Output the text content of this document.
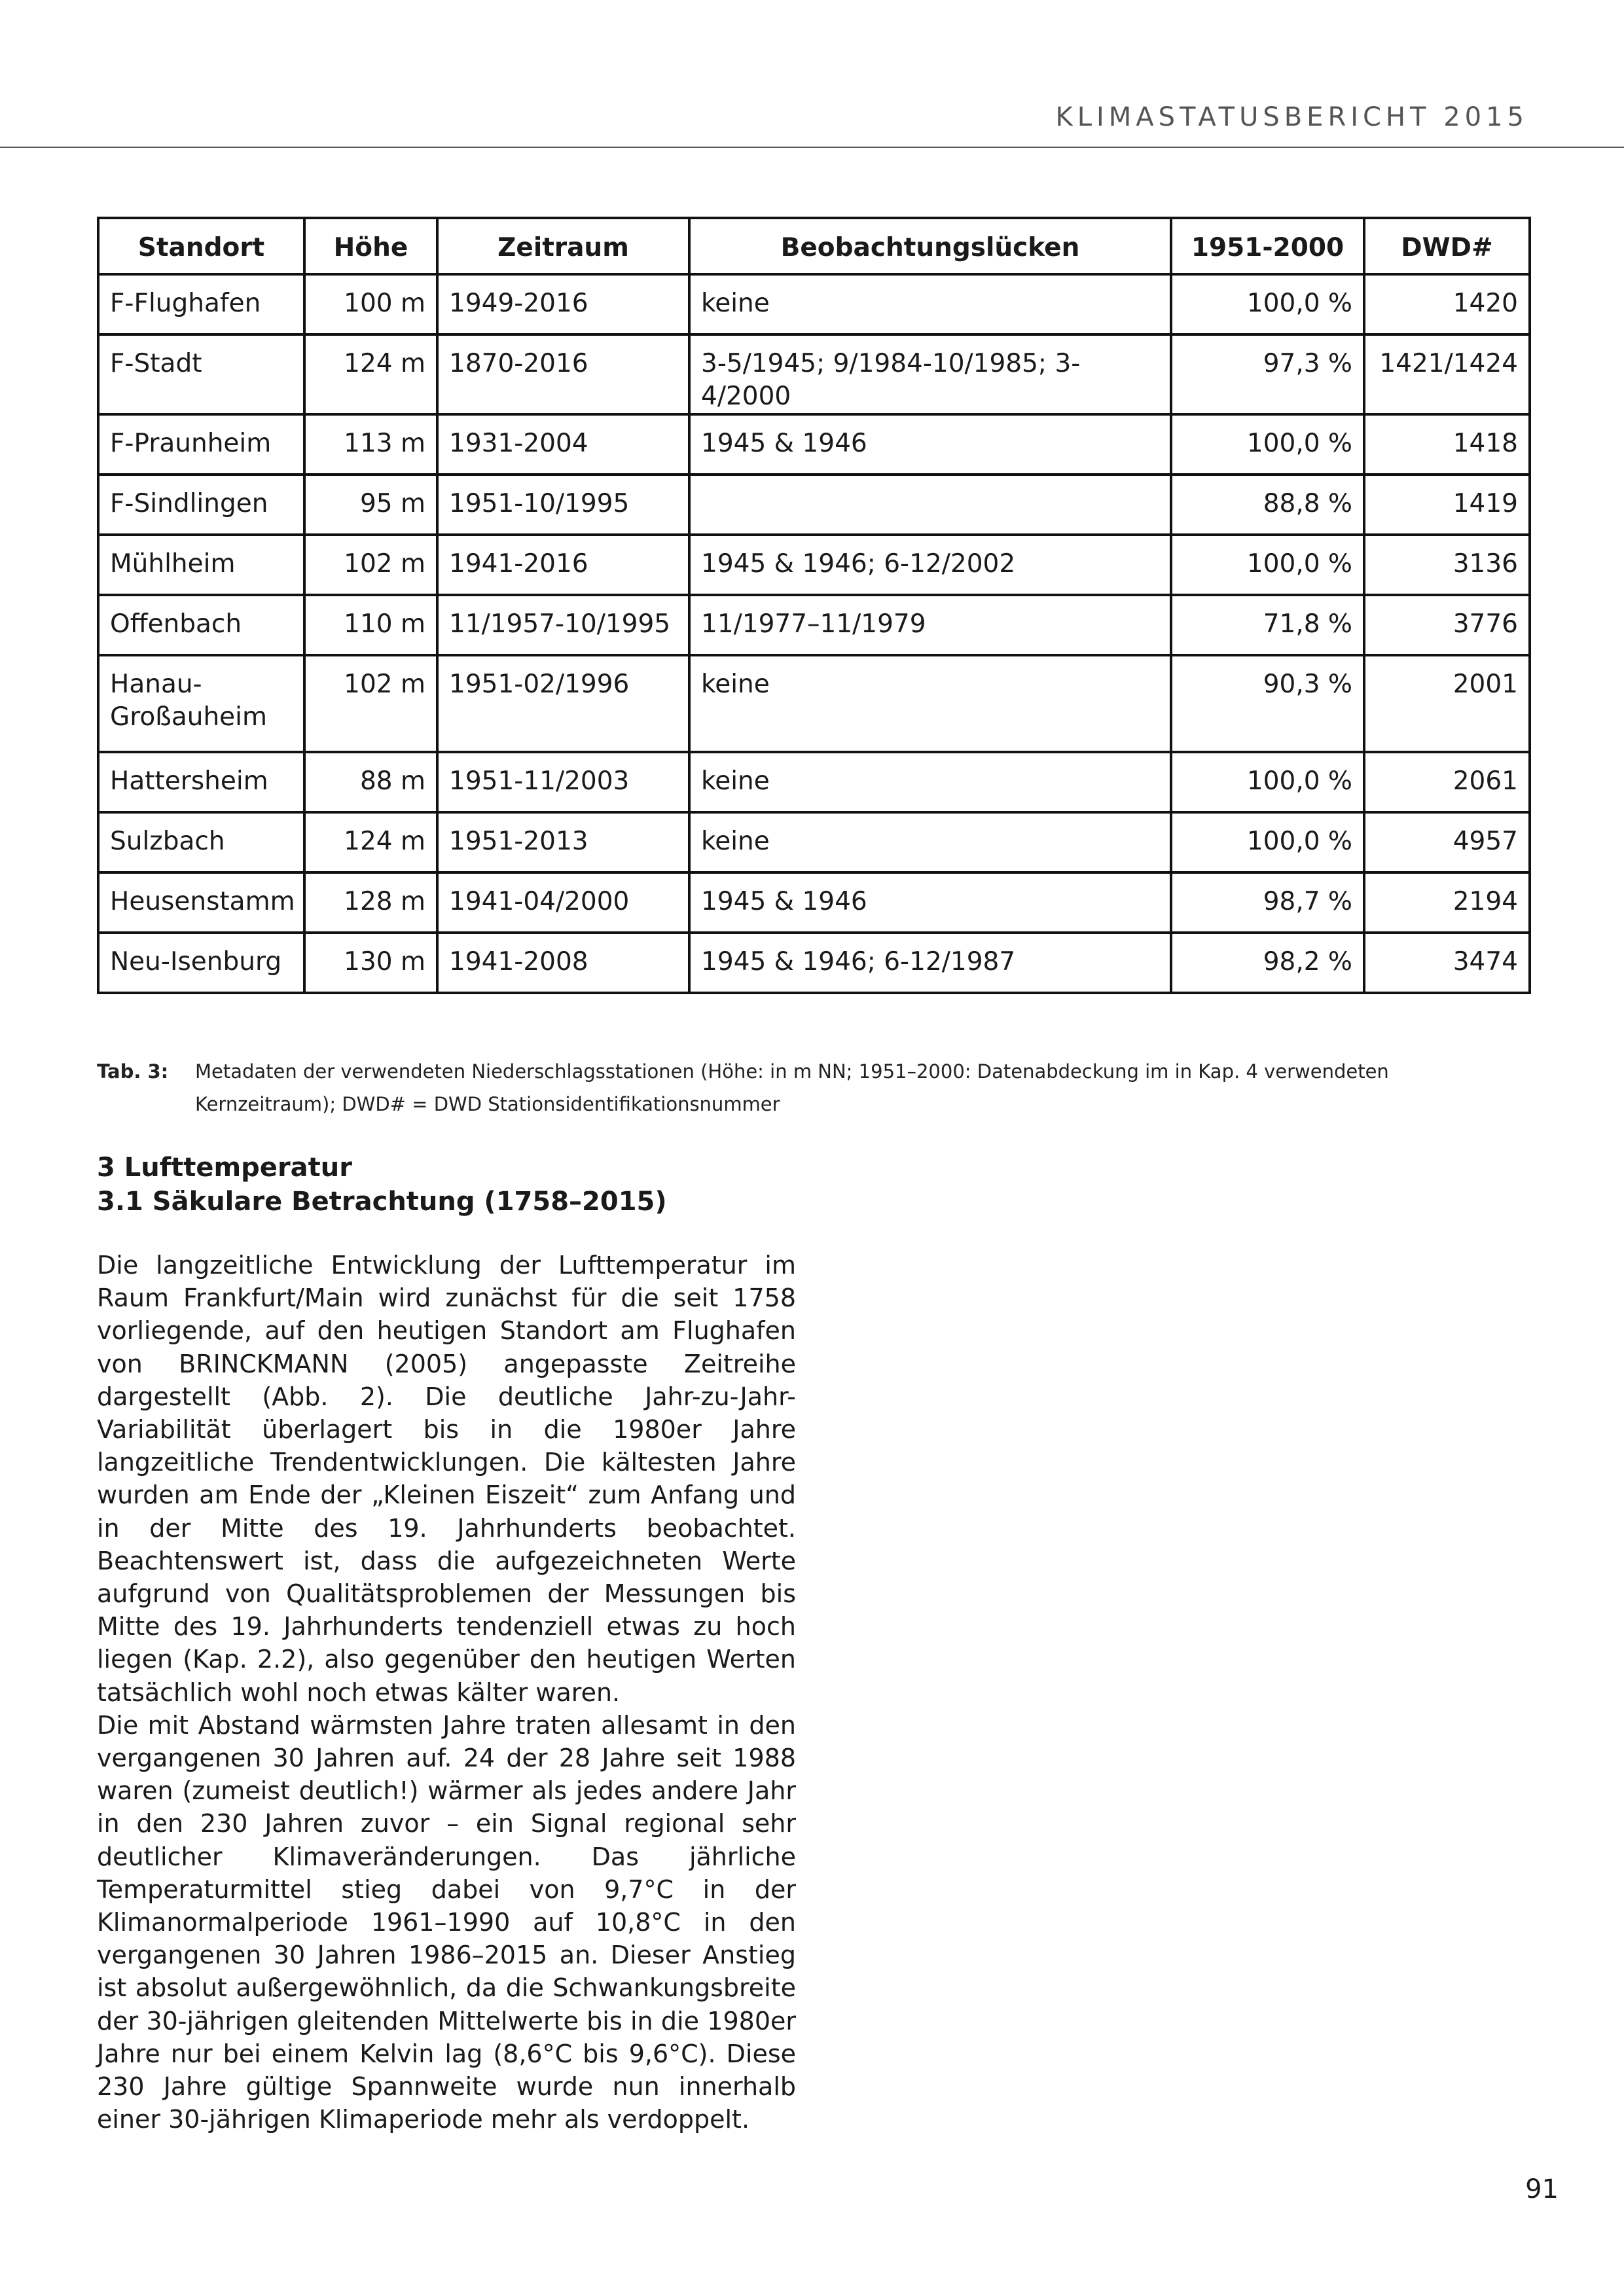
KLIMASTATUSBERICHT 2015
Standort	Höhe	Zeitraum	Beobachtungslücken	1951-2000	DWD#
F-Flughafen	100 m	1949-2016	keine	100,0 %	1420
F-Stadt	124 m	1870-2016	3-5/1945; 9/1984-10/1985; 3-4/2000	97,3 %	1421/1424
F-Praunheim	113 m	1931-2004	1945 & 1946	100,0 %	1418
F-Sindlingen	95 m	1951-10/1995		88,8 %	1419
Mühlheim	102 m	1941-2016	1945 & 1946; 6-12/2002	100,0 %	3136
Offenbach	110 m	11/1957-10/1995	11/1977–11/1979	71,8 %	3776
Hanau-Großauheim	102 m	1951-02/1996	keine	90,3 %	2001
Hattersheim	88 m	1951-11/2003	keine	100,0 %	2061
Sulzbach	124 m	1951-2013	keine	100,0 %	4957
Heusenstamm	128 m	1941-04/2000	1945 & 1946	98,7 %	2194
Neu-Isenburg	130 m	1941-2008	1945 & 1946; 6-12/1987	98,2 %	3474
Tab. 3: Metadaten der verwendeten Niederschlagsstationen (Höhe: in m NN; 1951–2000: Datenabdeckung im in Kap. 4 verwendeten Kernzeitraum); DWD# = DWD Stationsidentifikationsnummer
3 Lufttemperatur
3.1 Säkulare Betrachtung (1758–2015)

Die langzeitliche Entwicklung der Lufttemperatur im Raum Frankfurt/Main wird zunächst für die seit 1758 vorliegende, auf den heutigen Standort am Flughafen von BRINCKMANN (2005) angepasste Zeitreihe dargestellt (Abb. 2). Die deutliche Jahr-zu-Jahr-Variabilität überlagert bis in die 1980er Jahre langzeitliche Trendentwicklungen. Die kältesten Jahre wurden am Ende der „Kleinen Eiszeit“ zum Anfang und in der Mitte des 19. Jahrhunderts beobachtet. Beachtenswert ist, dass die aufgezeichneten Werte aufgrund von Qualitätsproblemen der Messungen bis Mitte des 19. Jahrhunderts tendenziell etwas zu hoch liegen (Kap. 2.2), also gegenüber den heutigen Werten tatsächlich wohl noch etwas kälter waren.

Die mit Abstand wärmsten Jahre traten allesamt in den vergangenen 30 Jahren auf. 24 der 28 Jahre seit 1988 waren (zumeist deutlich!) wärmer als jedes andere Jahr in den 230 Jahren zuvor – ein Signal regional sehr deutlicher Klimaveränderungen. Das jährliche Temperaturmittel stieg dabei von 9,7°C in der Klimanormalperiode 1961–1990 auf 10,8°C in den vergangenen 30 Jahren 1986–2015 an. Dieser Anstieg ist absolut außergewöhnlich, da die Schwankungsbreite der 30-jährigen gleitenden Mittelwerte bis in die 1980er Jahre nur bei einem Kelvin lag (8,6°C bis 9,6°C). Diese 230 Jahre gültige Spannweite wurde nun innerhalb einer 30-jährigen Klimaperiode mehr als verdoppelt.

91
